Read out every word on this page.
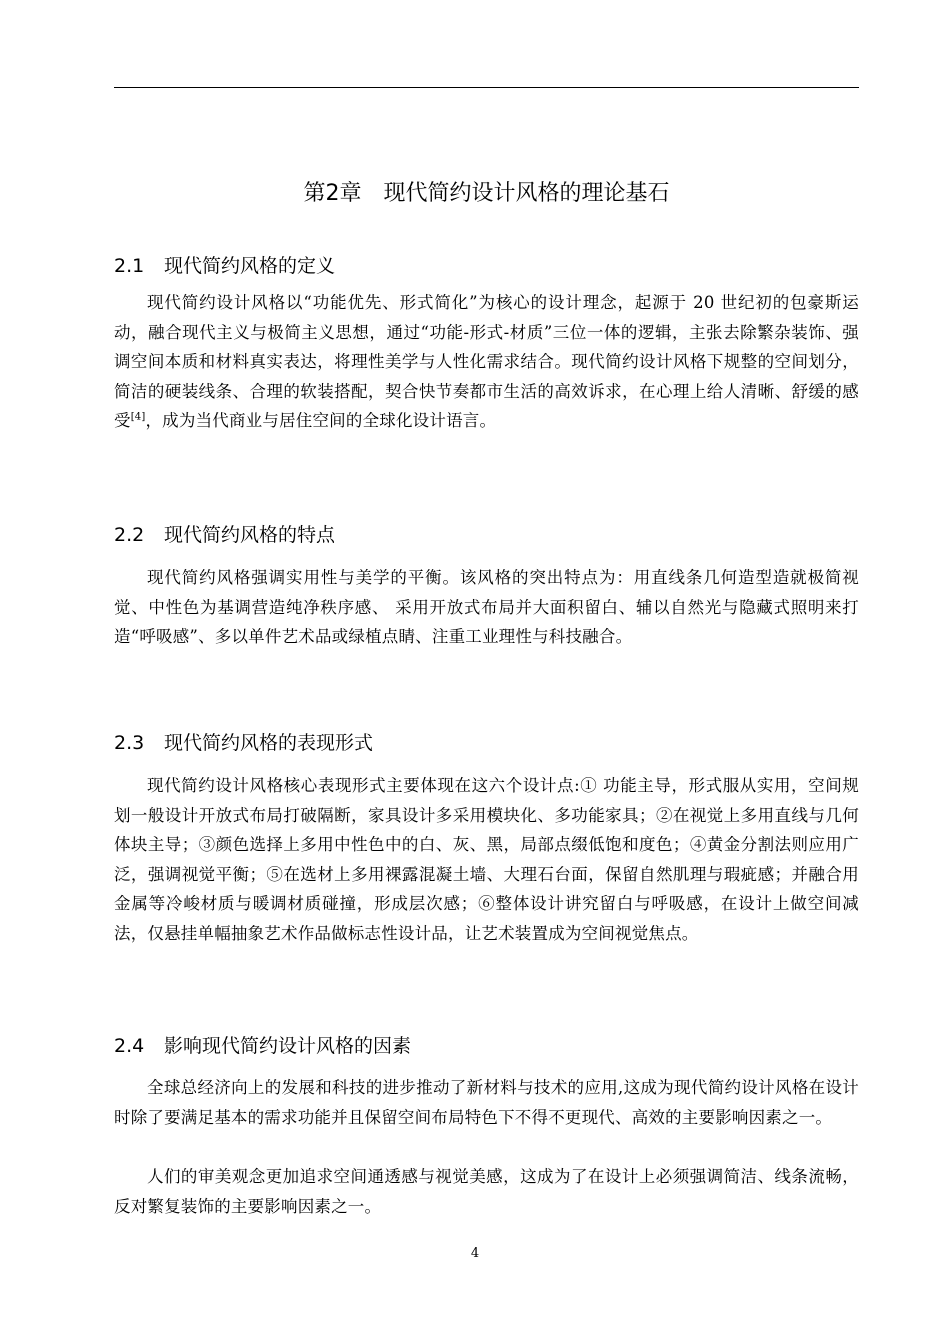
第2章　现代简约设计风格的理论基石
2.1 现代简约风格的定义

现代简约设计风格以“功能优先、形式简化”为核心的设计理念，起源于 20 世纪初的包豪斯运动，融合现代主义与极简主义思想，通过“功能-形式-材质”三位一体的逻辑，主张去除繁杂装饰、强调空间本质和材料真实表达，将理性美学与人性化需求结合。现代简约设计风格下规整的空间划分，简洁的硬装线条、合理的软装搭配，契合快节奏都市生活的高效诉求，在心理上给人清晰、舒缓的感受[4]，成为当代商业与居住空间的全球化设计语言。

2.2 现代简约风格的特点

现代简约风格强调实用性与美学的平衡。该风格的突出特点为：用直线条几何造型造就极简视觉、中性色为基调营造纯净秩序感、 采用开放式布局并大面积留白、辅以自然光与隐藏式照明来打造“呼吸感”、多以单件艺术品或绿植点睛、注重工业理性与科技融合。

2.3 现代简约风格的表现形式

现代简约设计风格核心表现形式主要体现在这六个设计点:① 功能主导，形式服从实用，空间规划一般设计开放式布局打破隔断，家具设计多采用模块化、多功能家具；②在视觉上多用直线与几何体块主导；③颜色选择上多用中性色中的白、灰、黑，局部点缀低饱和度色；④黄金分割法则应用广泛，强调视觉平衡；⑤在选材上多用裸露混凝土墙、大理石台面，保留自然肌理与瑕疵感；并融合用金属等冷峻材质与暖调材质碰撞，形成层次感；⑥整体设计讲究留白与呼吸感，在设计上做空间减法，仅悬挂单幅抽象艺术作品做标志性设计品，让艺术装置成为空间视觉焦点。

2.4 影响现代简约设计风格的因素

全球总经济向上的发展和科技的进步推动了新材料与技术的应用,这成为现代简约设计风格在设计时除了要满足基本的需求功能并且保留空间布局特色下不得不更现代、高效的主要影响因素之一。

人们的审美观念更加追求空间通透感与视觉美感，这成为了在设计上必须强调简洁、线条流畅，反对繁复装饰的主要影响因素之一。

4
